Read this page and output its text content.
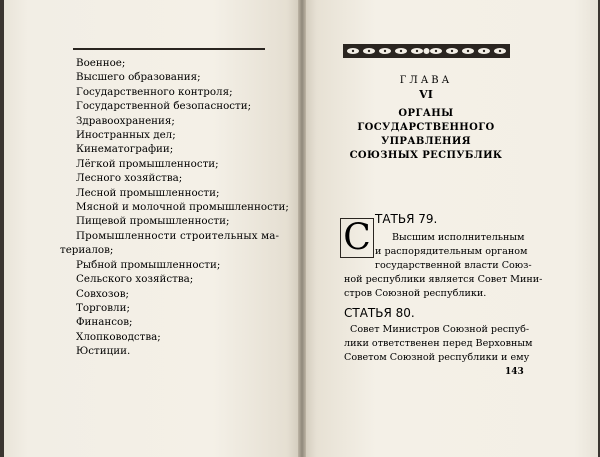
Военное;
Высшего образования;
Государственного контроля;
Государственной безопасности;
Здравоохранения;
Иностранных дел;
Кинематографии;
Лёгкой промышленности;
Лесного хозяйства;
Лесной промышленности;
Мясной и молочной промышленности;
Пищевой промышленности;
Промышленности строительных ма-
териалов;
Рыбной промышленности;
Сельского хозяйства;
Совхозов;
Торговли;
Финансов;
Хлопководства;
Юстиции.
ГЛАВА
VI
ОРГАНЫ
ГОСУДАРСТВЕННОГО УПРАВЛЕНИЯ
СОЮЗНЫХ РЕСПУБЛИК
С ТАТЬЯ 79.
Высшим исполнительным
и распорядительным органом
государственной власти Союз-
ной республики является Совет Мини-
стров Союзной республики.
СТАТЬЯ 80.
Совет Министров Союзной респуб-
лики ответственен перед Верховным
Советом Союзной республики и ему
143
